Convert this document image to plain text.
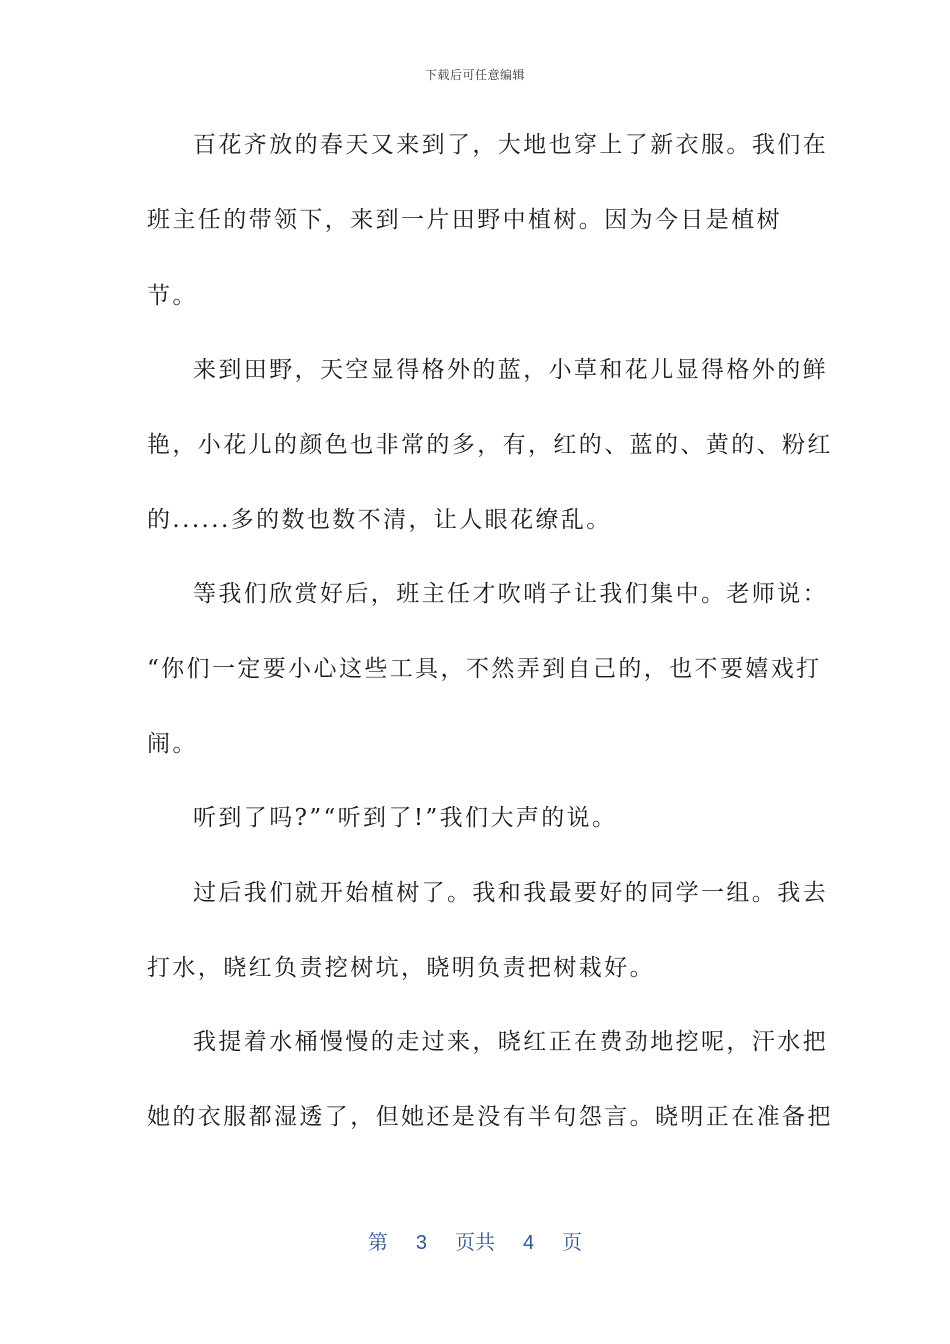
下载后可任意编辑
百花齐放的春天又来到了，大地也穿上了新衣服。我们在
班主任的带领下，来到一片田野中植树。因为今日是植树
节。
来到田野，天空显得格外的蓝，小草和花儿显得格外的鲜
艳，小花儿的颜色也非常的多，有，红的、蓝的、黄的、粉红
的......多的数也数不清，让人眼花缭乱。
等我们欣赏好后，班主任才吹哨子让我们集中。老师说：
“你们一定要小心这些工具，不然弄到自己的，也不要嬉戏打
闹。
听到了吗?”“听到了!”我们大声的说。
过后我们就开始植树了。我和我最要好的同学一组。我去
打水，晓红负责挖树坑，晓明负责把树栽好。
我提着水桶慢慢的走过来，晓红正在费劲地挖呢，汗水把
她的衣服都湿透了，但她还是没有半句怨言。晓明正在准备把
第 3 页共 4 页
